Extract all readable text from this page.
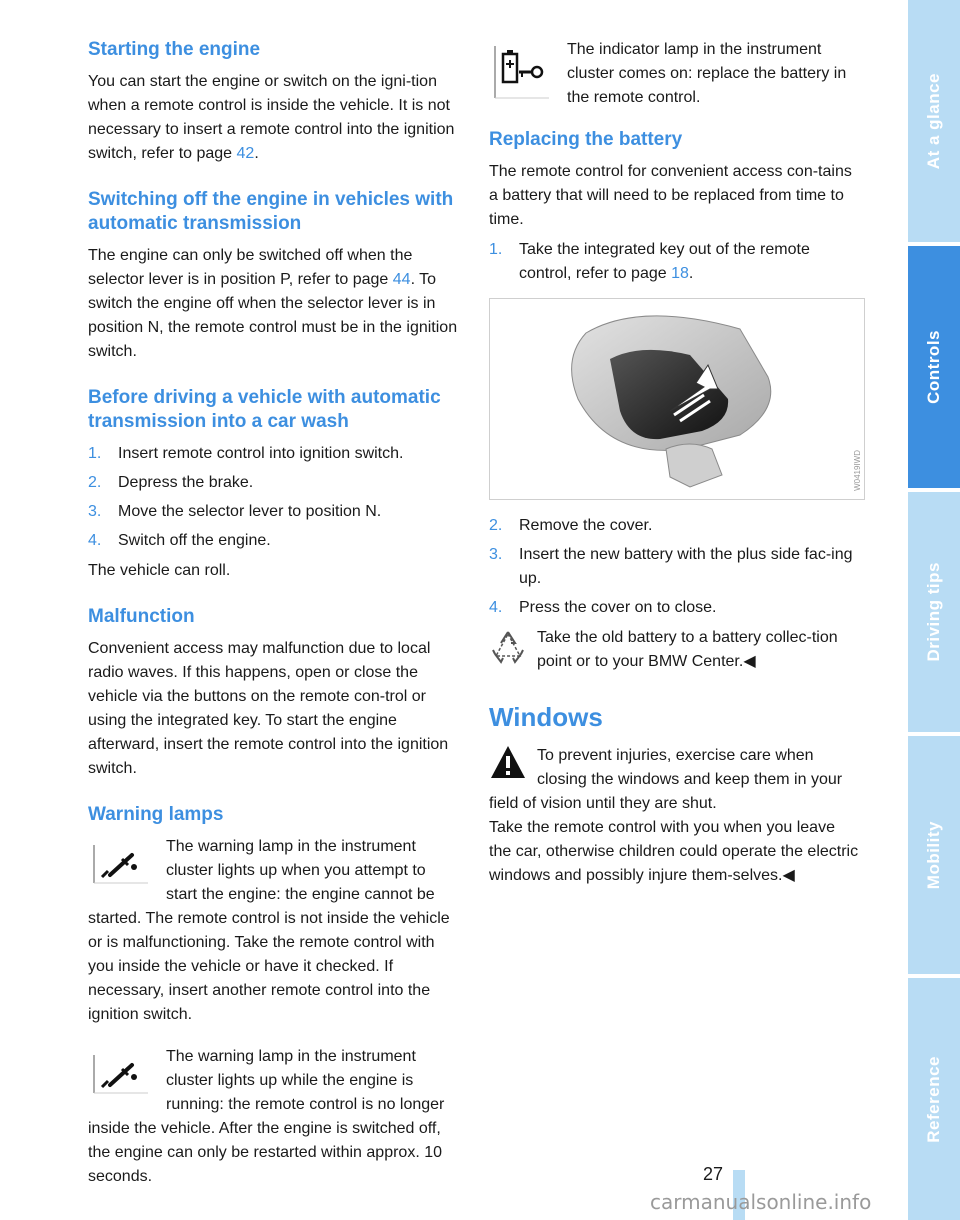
Starting the engine

You can start the engine or switch on the igni-tion when a remote control is inside the vehicle. It is not necessary to insert a remote control into the ignition switch, refer to page 42.

Switching off the engine in vehicles with automatic transmission

The engine can only be switched off when the selector lever is in position P, refer to page 44. To switch the engine off when the selector lever is in position N, the remote control must be in the ignition switch.

Before driving a vehicle with automatic transmission into a car wash
1. Insert remote control into ignition switch.
2. Depress the brake.
3. Move the selector lever to position N.
4. Switch off the engine.

The vehicle can roll.

Malfunction

Convenient access may malfunction due to local radio waves. If this happens, open or close the vehicle via the buttons on the remote con-trol or using the integrated key. To start the engine afterward, insert the remote control into the ignition switch.

Warning lamps
The warning lamp in the instrument cluster lights up when you attempt to start the engine: the engine cannot be started. The remote control is not inside the vehicle or is malfunctioning. Take the remote control with you inside the vehicle or have it checked. If necessary, insert another remote control into the ignition switch.
The warning lamp in the instrument cluster lights up while the engine is running: the remote control is no longer inside the vehicle. After the engine is switched off, the engine can only be restarted within approx. 10 seconds.
The indicator lamp in the instrument cluster comes on: replace the battery in the remote control.
Replacing the battery

The remote control for convenient access con-tains a battery that will need to be replaced from time to time.

1. Take the integrated key out of the remote control, refer to page 18.
W0419IWD
2. Remove the cover.
3. Insert the new battery with the plus side fac-ing up.
4. Press the cover on to close.
Take the old battery to a battery collec-tion point or to your BMW Center.◀
Windows
To prevent injuries, exercise care when closing the windows and keep them in your field of vision until they are shut.
Take the remote control with you when you leave the car, otherwise children could operate the electric windows and possibly injure them-selves.◀
Reference
Mobility
Driving tips
Controls
At a glance
27
carmanualsonline.info
